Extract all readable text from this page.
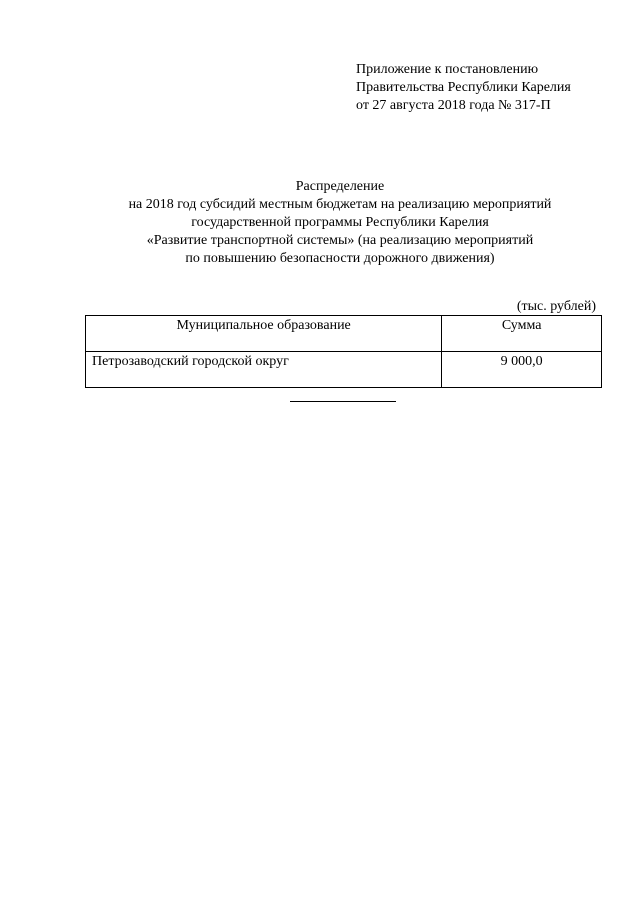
Приложение к постановлению
Правительства Республики Карелия
от 27 августа 2018 года № 317-П
Распределение
на 2018 год субсидий местным бюджетам на реализацию мероприятий
государственной программы Республики Карелия
«Развитие транспортной системы» (на реализацию мероприятий
по повышению безопасности дорожного движения)
(тыс. рублей)
Муниципальное образование	Сумма
Петрозаводский городской округ	9 000,0
